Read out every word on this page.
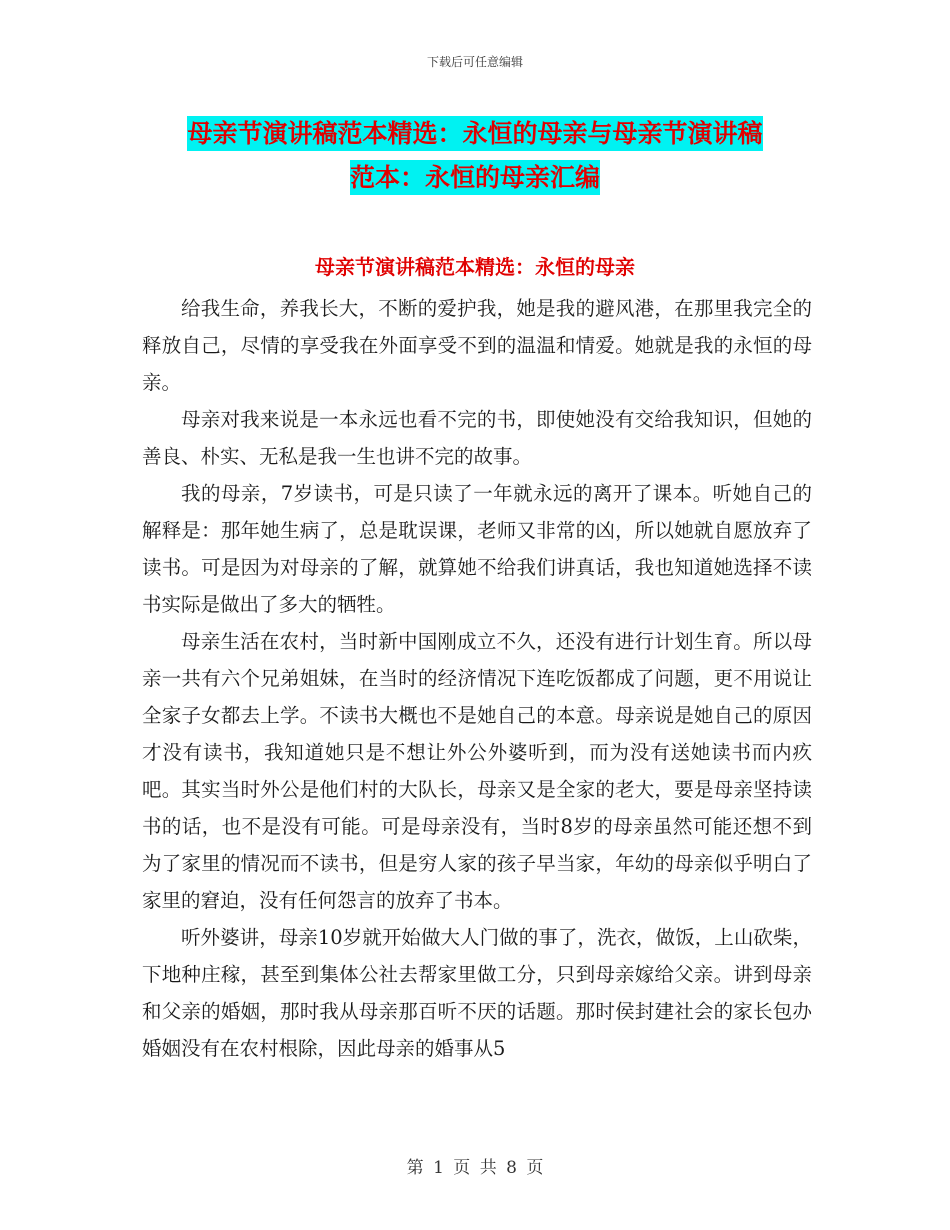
下载后可任意编辑
母亲节演讲稿范本精选：永恒的母亲与母亲节演讲稿
范本：永恒的母亲汇编
母亲节演讲稿范本精选：永恒的母亲

给我生命，养我长大，不断的爱护我，她是我的避风港，在那里我完全的释放自己，尽情的享受我在外面享受不到的温温和情爱。她就是我的永恒的母亲。

母亲对我来说是一本永远也看不完的书，即使她没有交给我知识，但她的善良、朴实、无私是我一生也讲不完的故事。

我的母亲，7岁读书，可是只读了一年就永远的离开了课本。听她自己的解释是：那年她生病了，总是耽误课，老师又非常的凶，所以她就自愿放弃了读书。可是因为对母亲的了解，就算她不给我们讲真话，我也知道她选择不读书实际是做出了多大的牺牲。

母亲生活在农村，当时新中国刚成立不久，还没有进行计划生育。所以母亲一共有六个兄弟姐妹，在当时的经济情况下连吃饭都成了问题，更不用说让全家子女都去上学。不读书大概也不是她自己的本意。母亲说是她自己的原因才没有读书，我知道她只是不想让外公外婆听到，而为没有送她读书而内疚吧。其实当时外公是他们村的大队长，母亲又是全家的老大，要是母亲坚持读书的话，也不是没有可能。可是母亲没有，当时8岁的母亲虽然可能还想不到为了家里的情况而不读书，但是穷人家的孩子早当家，年幼的母亲似乎明白了家里的窘迫，没有任何怨言的放弃了书本。

听外婆讲，母亲10岁就开始做大人门做的事了，洗衣，做饭，上山砍柴，下地种庄稼，甚至到集体公社去帮家里做工分，只到母亲嫁给父亲。讲到母亲和父亲的婚姻，那时我从母亲那百听不厌的话题。那时侯封建社会的家长包办婚姻没有在农村根除，因此母亲的婚事从5

第 1 页 共 8 页
